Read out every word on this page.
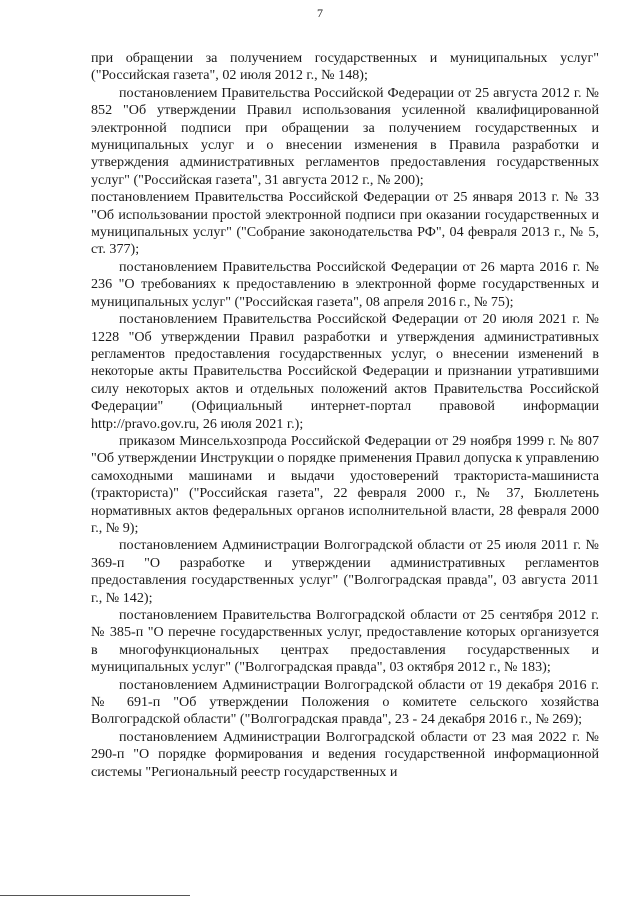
7

при обращении за получением государственных и муниципальных услуг" ("Российская газета", 02 июля 2012 г., № 148);

постановлением Правительства Российской Федерации от 25 августа 2012 г. № 852 "Об утверждении Правил использования усиленной квалифицированной электронной подписи при обращении за получением государственных и муниципальных услуг и о внесении изменения в Правила разработки и утверждения административных регламентов предоставления государственных услуг" ("Российская газета", 31 августа 2012 г., № 200);

постановлением Правительства Российской Федерации от 25 января 2013 г. № 33 "Об использовании простой электронной подписи при оказании государственных и муниципальных услуг" ("Собрание законодательства РФ", 04 февраля 2013 г., № 5, ст. 377);

постановлением Правительства Российской Федерации от 26 марта 2016 г. № 236 "О требованиях к предоставлению в электронной форме государственных и муниципальных услуг" ("Российская газета", 08 апреля 2016 г., № 75);

постановлением Правительства Российской Федерации от 20 июля 2021 г. № 1228 "Об утверждении Правил разработки и утверждения административных регламентов предоставления государственных услуг, о внесении изменений в некоторые акты Правительства Российской Федерации и признании утратившими силу некоторых актов и отдельных положений актов Правительства Российской Федерации" (Официальный интернет-портал правовой информации http://pravo.gov.ru, 26 июля 2021 г.);

приказом Минсельхозпрода Российской Федерации от 29 ноября 1999 г. № 807 "Об утверждении Инструкции о порядке применения Правил допуска к управлению самоходными машинами и выдачи удостоверений тракториста-машиниста (тракториста)" ("Российская газета", 22 февраля 2000 г., № 37, Бюллетень нормативных актов федеральных органов исполнительной власти, 28 февраля 2000 г., № 9);

постановлением Администрации Волгоградской области от 25 июля 2011 г. № 369-п "О разработке и утверждении административных регламентов предоставления государственных услуг" ("Волгоградская правда", 03 августа 2011 г., № 142);

постановлением Правительства Волгоградской области от 25 сентября 2012 г. № 385-п "О перечне государственных услуг, предоставление которых организуется в многофункциональных центрах предоставления государственных и муниципальных услуг" ("Волгоградская правда", 03 октября 2012 г., № 183);

постановлением Администрации Волгоградской области от 19 декабря 2016 г. № 691-п "Об утверждении Положения о комитете сельского хозяйства Волгоградской области" ("Волгоградская правда", 23 - 24 декабря 2016 г., № 269);

постановлением Администрации Волгоградской области от 23 мая 2022 г. № 290-п "О порядке формирования и ведения государственной информационной системы "Региональный реестр государственных и
